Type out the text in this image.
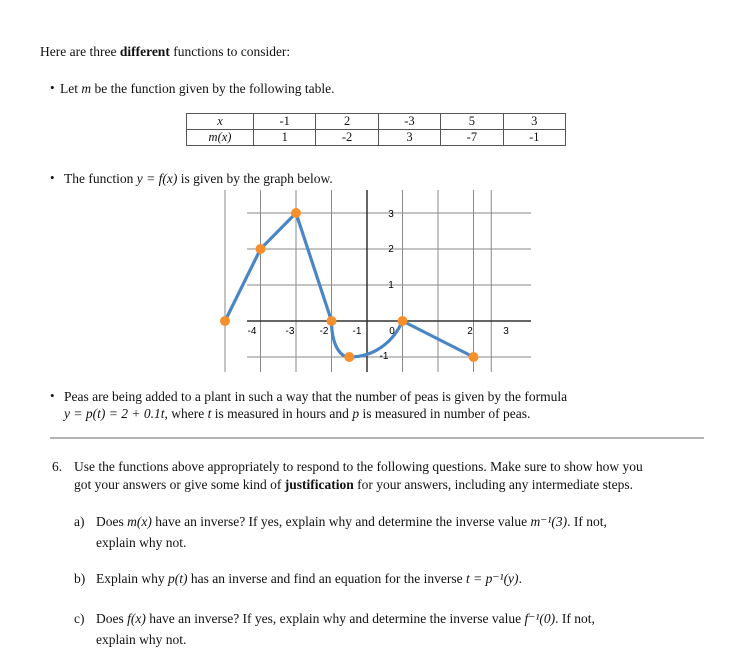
Here are three different functions to consider:
• Let m be the function given by the following table.
x	-1	2	-3	5	3
m(x)	1	-2	3	-7	-1
• The function y = f(x) is given by the graph below.
-4	-3	-2 -1	0	2	3
3
2
1
-1
• Peas are being added to a plant in such a way that the number of peas is given by the formula
y = p(t) = 2 + 0.1t, where t is measured in hours and p is measured in number of peas.
6. Use the functions above appropriately to respond to the following questions. Make sure to show how you
got your answers or give some kind of justification for your answers, including any intermediate steps.
a) Does m(x) have an inverse? If yes, explain why and determine the inverse value m⁻¹(3). If not,
explain why not.
b) Explain why p(t) has an inverse and find an equation for the inverse t = p⁻¹(y).
c) Does f(x) have an inverse? If yes, explain why and determine the inverse value f⁻¹(0). If not,
explain why not.
